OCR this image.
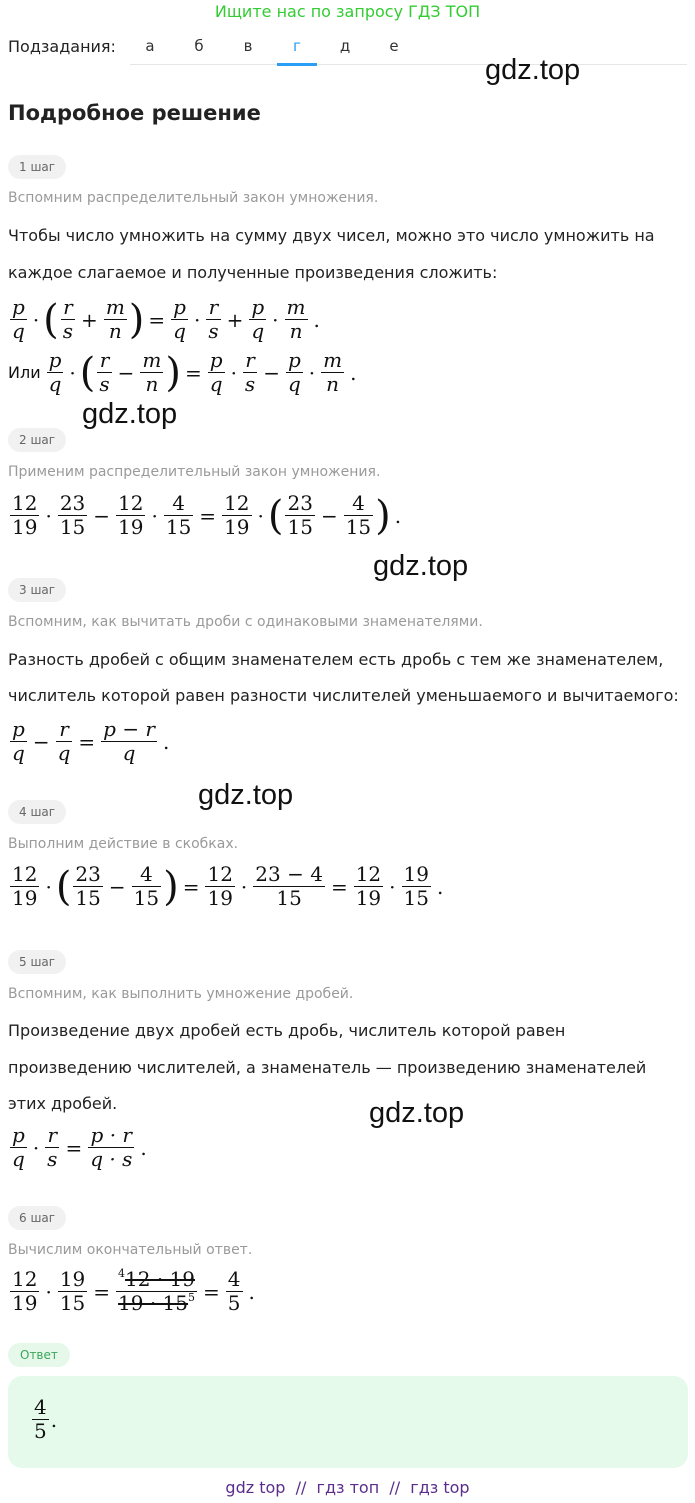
Ищите нас по запросу ГДЗ ТОП
Подзадания:	а	б	в	г	д	е
gdz.top
gdz.top
gdz.top
gdz.top
gdz.top
Подробное решение
1 шаг
Вспомним распределительный закон умножения.
Чтобы число умножить на сумму двух чисел, можно это число умножить на
каждое слагаемое и полученные произведения сложить:
$\frac{p}{q}$ · ( $\frac{r}{s} + \frac{m}{n}$ ) = $\frac{p}{q} \cdot \frac{r}{s} + \frac{p}{q} \cdot \frac{m}{n}$ .
Или $\frac{p}{q}$ · ( $\frac{r}{s} - \frac{m}{n}$ ) = $\frac{p}{q} \cdot \frac{r}{s} - \frac{p}{q} \cdot \frac{m}{n}$ .
2 шаг
Применим распределительный закон умножения.
$\frac{12}{19} \cdot \frac{23}{15} - \frac{12}{19} \cdot \frac{4}{15} = \frac{12}{19}$ · ( $\frac{23}{15} - \frac{4}{15}$ ) .
3 шаг
Вспомним, как вычитать дроби с одинаковыми знаменателями.
Разность дробей с общим знаменателем есть дробь с тем же знаменателем,
числитель которой равен разности числителей уменьшаемого и вычитаемого:
$\frac{p}{q} - \frac{r}{q} = \frac{p - r}{q}$ .
4 шаг
Выполним действие в скобках.
$\frac{12}{19}$ · ( $\frac{23}{15} - \frac{4}{15}$ ) = $\frac{12}{19} \cdot \frac{23 - 4}{15} = \frac{12}{19} \cdot \frac{19}{15}$ .
5 шаг
Вспомним, как выполнить умножение дробей.
Произведение двух дробей есть дробь, числитель которой равен
произведению числителей, а знаменатель — произведению знаменателей
этих дробей.
$\frac{p}{q} \cdot \frac{r}{s} = \frac{p \cdot r}{q \cdot s}$ .
6 шаг
Вычислим окончательный ответ.
$\frac{12}{19} \cdot \frac{19}{15} = \frac{^412 \cdot 19}{19 \cdot 15^5} = \frac{4}{5}$ .
Ответ
$\frac{4}{5}$ .
gdz top  //  гдз топ  //  гдз top
